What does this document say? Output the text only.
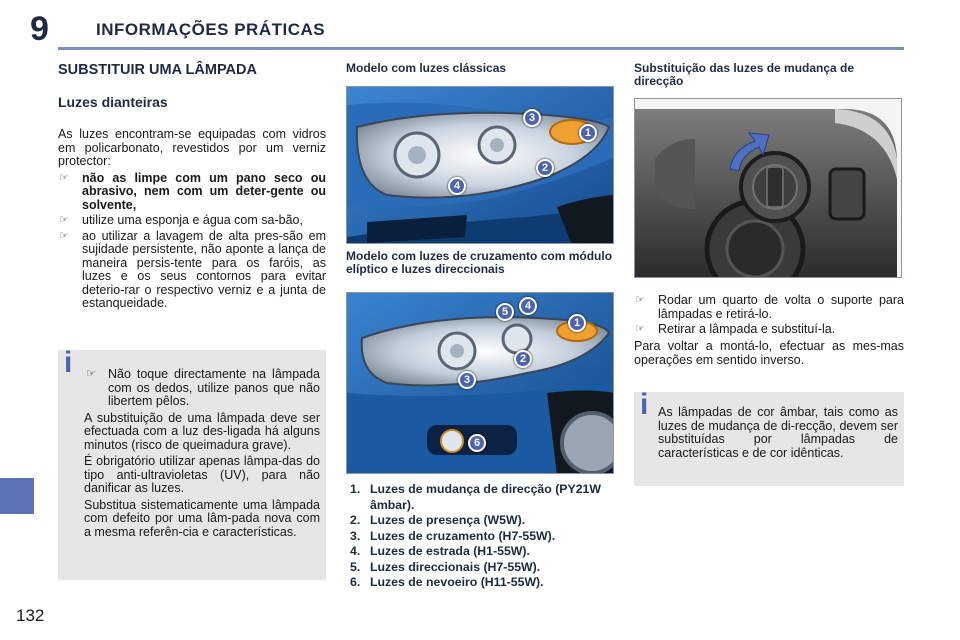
9	INFORMAÇÕES PRÁTICAS
132
SUBSTITUIR UMA LÂMPADA
Luzes dianteiras
As luzes encontram-se equipadas com vidros em policarbonato, revestidos por um verniz protector:
☞ não as limpe com um pano seco ou abrasivo, nem com um deter-gente ou solvente,
☞ utilize uma esponja e água com sa-bão,
☞ ao utilizar a lavagem de alta pres-são em sujidade persistente, não aponte a lança de maneira persis-tente para os faróis, as luzes e os seus contornos para evitar deterio-rar o respectivo verniz e a junta de estanqueidade.
i ☞ Não toque directamente na lâmpada com os dedos, utilize panos que não libertem pêlos.

A substituição de uma lâmpada deve ser efectuada com a luz des-ligada há alguns minutos (risco de queimadura grave).

É obrigatório utilizar apenas lâmpa-das do tipo anti-ultravioletas (UV), para não danificar as luzes.

Substitua sistematicamente uma lâmpada com defeito por uma lâm-pada nova com a mesma referên-cia e características.

Modelo com luzes clássicas
Modelo com luzes de cruzamento com módulo elíptico e luzes direccionais
1. Luzes de mudança de direcção (PY21W âmbar).
2. Luzes de presença (W5W).
3. Luzes de cruzamento (H7-55W).
4. Luzes de estrada (H1-55W).
5. Luzes direccionais (H7-55W).
6. Luzes de nevoeiro (H11-55W).
Substituição das luzes de mudança de direcção
☞ Rodar um quarto de volta o suporte para lâmpadas e retirá-lo.
☞ Retirar a lâmpada e substituí-la.
Para voltar a montá-lo, efectuar as mes-mas operações em sentido inverso.
i As lâmpadas de cor âmbar, tais como as luzes de mudança de di-recção, devem ser substituídas por lâmpadas de características e de cor idênticas.
1
2
3
4
1
2
3
4
5
6
